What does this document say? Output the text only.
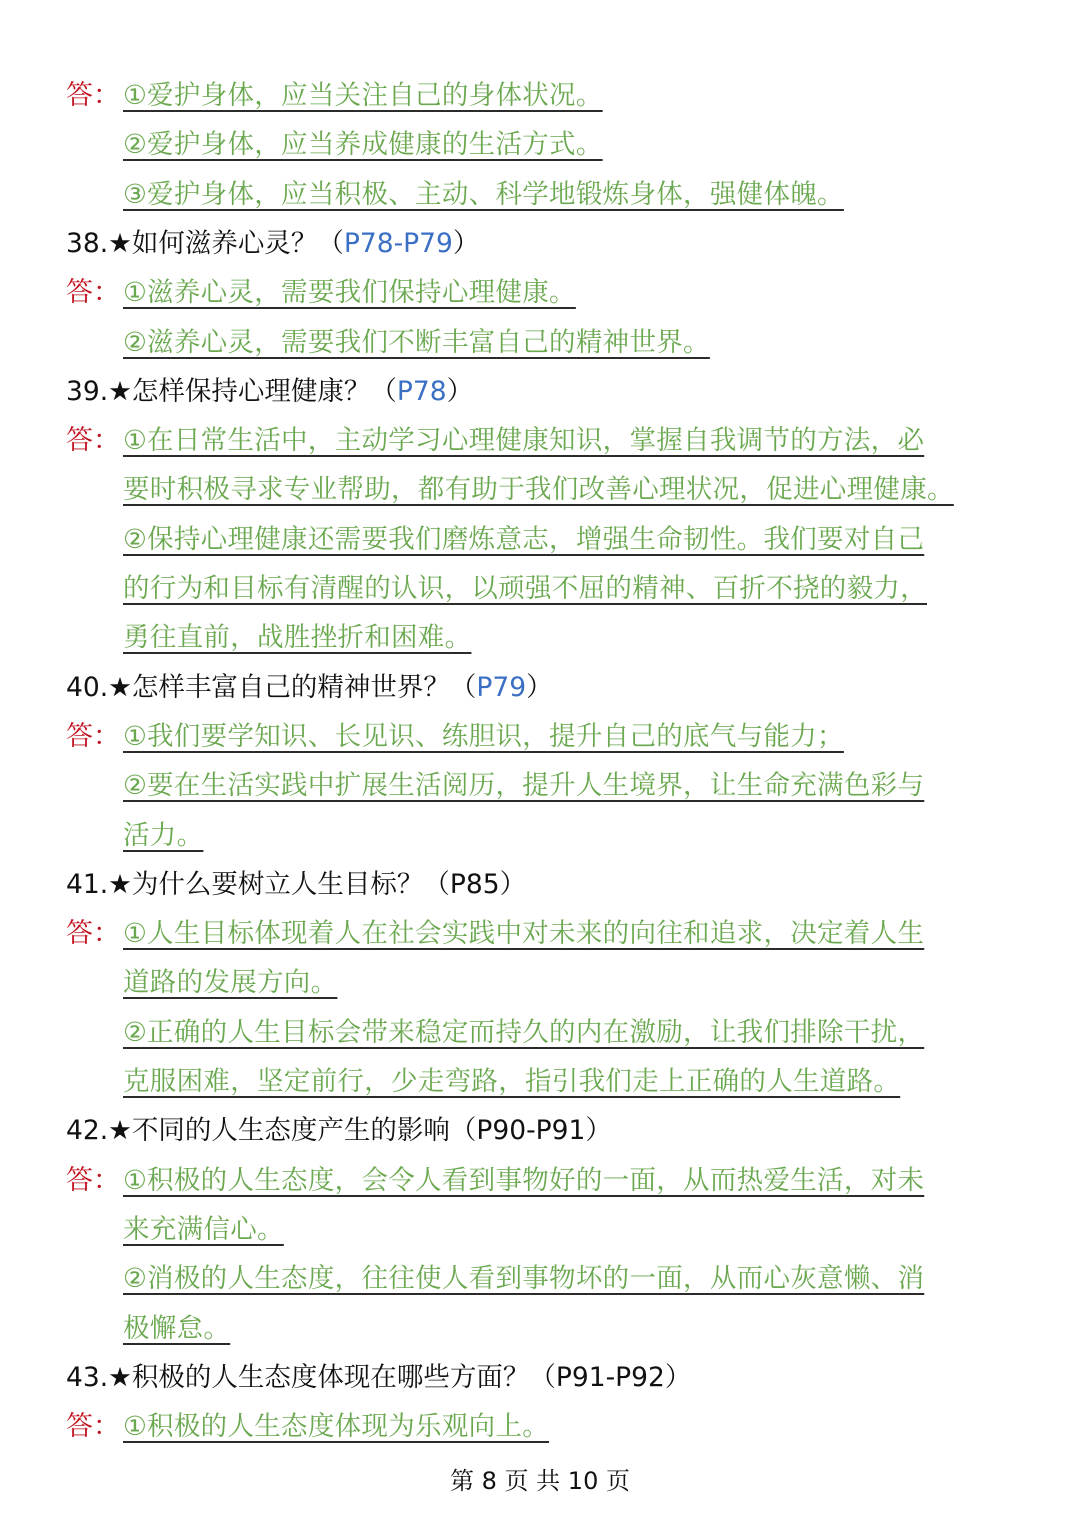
答： ①爱护身体，应当关注自己的身体状况。
②爱护身体，应当养成健康的生活方式。
③爱护身体，应当积极、主动、科学地锻炼身体，强健体魄。
38.★如何滋养心灵？（P78-P79）
答： ①滋养心灵，需要我们保持心理健康。
②滋养心灵，需要我们不断丰富自己的精神世界。
39.★怎样保持心理健康？（P78）
答： ①在日常生活中，主动学习心理健康知识，掌握自我调节的方法，必
要时积极寻求专业帮助，都有助于我们改善心理状况，促进心理健康。
②保持心理健康还需要我们磨炼意志，增强生命韧性。我们要对自己
的行为和目标有清醒的认识，以顽强不屈的精神、百折不挠的毅力，
勇往直前，战胜挫折和困难。
40.★怎样丰富自己的精神世界？（P79）
答： ①我们要学知识、长见识、练胆识，提升自己的底气与能力；
②要在生活实践中扩展生活阅历，提升人生境界，让生命充满色彩与
活力。
41.★为什么要树立人生目标？（P85）
答： ①人生目标体现着人在社会实践中对未来的向往和追求，决定着人生
道路的发展方向。
②正确的人生目标会带来稳定而持久的内在激励，让我们排除干扰，
克服困难，坚定前行，少走弯路，指引我们走上正确的人生道路。
42.★不同的人生态度产生的影响（P90-P91）
答： ①积极的人生态度，会令人看到事物好的一面，从而热爱生活，对未
来充满信心。
②消极的人生态度，往往使人看到事物坏的一面，从而心灰意懒、消
极懈怠。
43.★积极的人生态度体现在哪些方面？（P91-P92）
答： ①积极的人生态度体现为乐观向上。
第 8 页 共 10 页
